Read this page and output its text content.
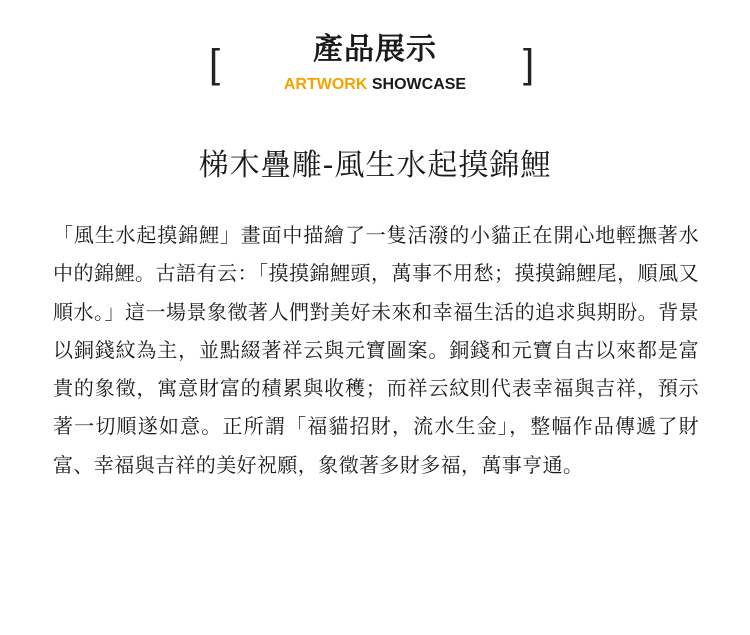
[	產品展示
ARTWORK SHOWCASE	]
梯木疊雕-風生水起摸錦鯉

「風生水起摸錦鯉」畫面中描繪了一隻活潑的小貓正在開心地輕撫著水中的錦鯉。古語有云：「摸摸錦鯉頭，萬事不用愁；摸摸錦鯉尾，順風又順水。」這一場景象徵著人們對美好未來和幸福生活的追求與期盼。背景以銅錢紋為主，並點綴著祥云與元寶圖案。銅錢和元寶自古以來都是富貴的象徵，寓意財富的積累與收穫；而祥云紋則代表幸福與吉祥，預示著一切順遂如意。正所謂「福貓招財，流水生金」，整幅作品傳遞了財富、幸福與吉祥的美好祝願，象徵著多財多福，萬事亨通。
